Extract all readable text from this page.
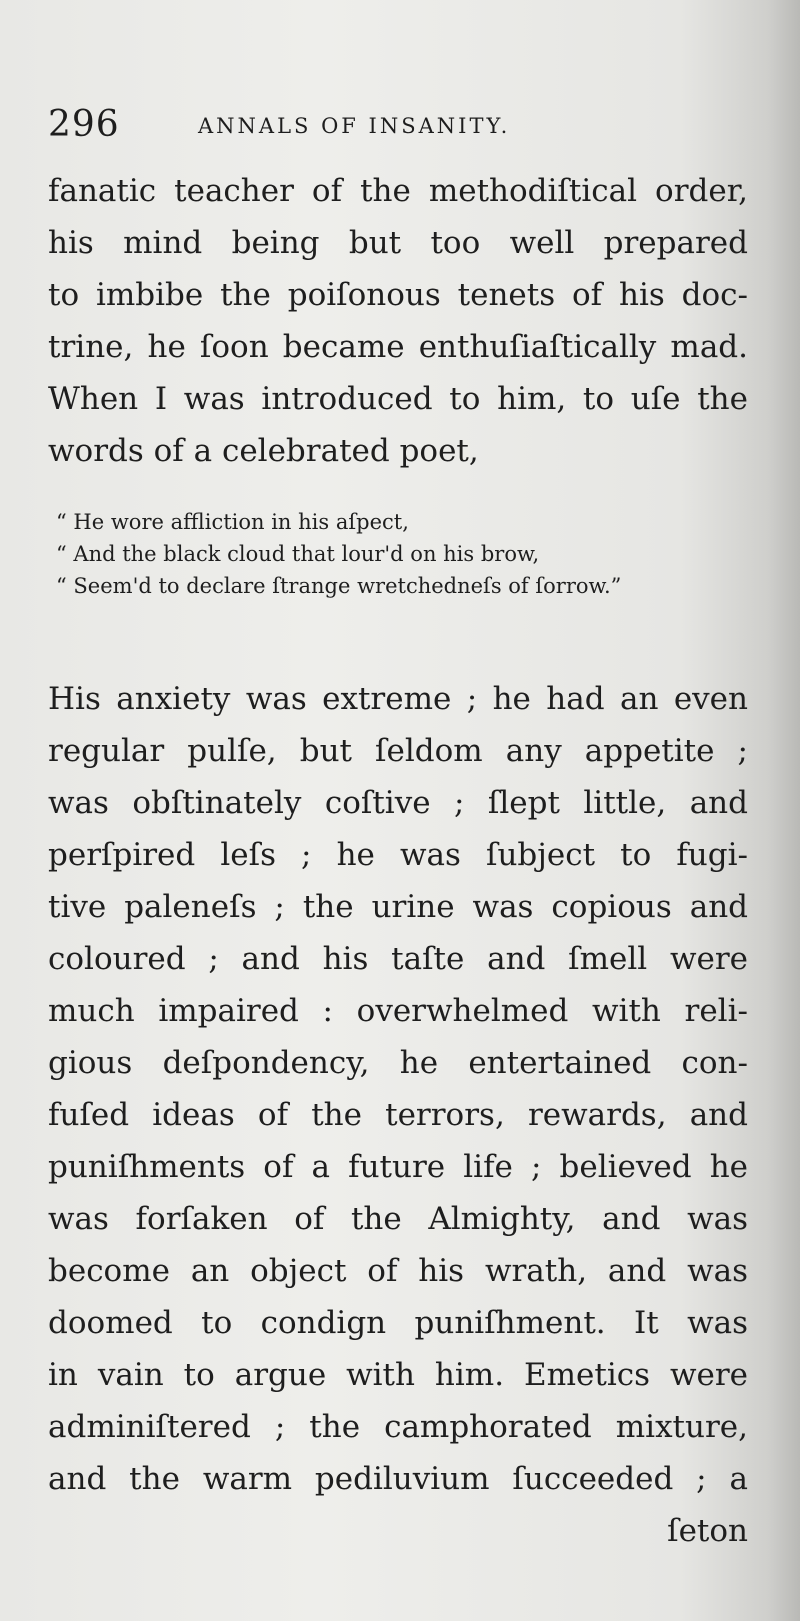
296	ANNALS OF INSANITY.
fanatic teacher of the methodiſtical order,
his mind being but too well prepared
to imbibe the poiſonous tenets of his doc-
trine, he ſoon became enthuſiaſtically mad.
When I was introduced to him, to uſe the
words of a celebrated poet,
“ He wore affliction in his aſpect,
“ And the black cloud that lour'd on his brow,
“ Seem'd to declare ſtrange wretchedneſs of ſorrow.”
His anxiety was extreme ; he had an even
regular pulſe, but ſeldom any appetite ;
was obſtinately coſtive ; ſlept little, and
perſpired leſs ; he was ſubject to fugi-
tive paleneſs ; the urine was copious and
coloured ; and his taſte and ſmell were
much impaired : overwhelmed with reli-
gious deſpondency, he entertained con-
fuſed ideas of the terrors, rewards, and
puniſhments of a future life ; believed he
was forſaken of the Almighty, and was
become an object of his wrath, and was
doomed to condign puniſhment. It was
in vain to argue with him. Emetics were
adminiſtered ; the camphorated mixture,
and the warm pediluvium ſucceeded ; a
ſeton
